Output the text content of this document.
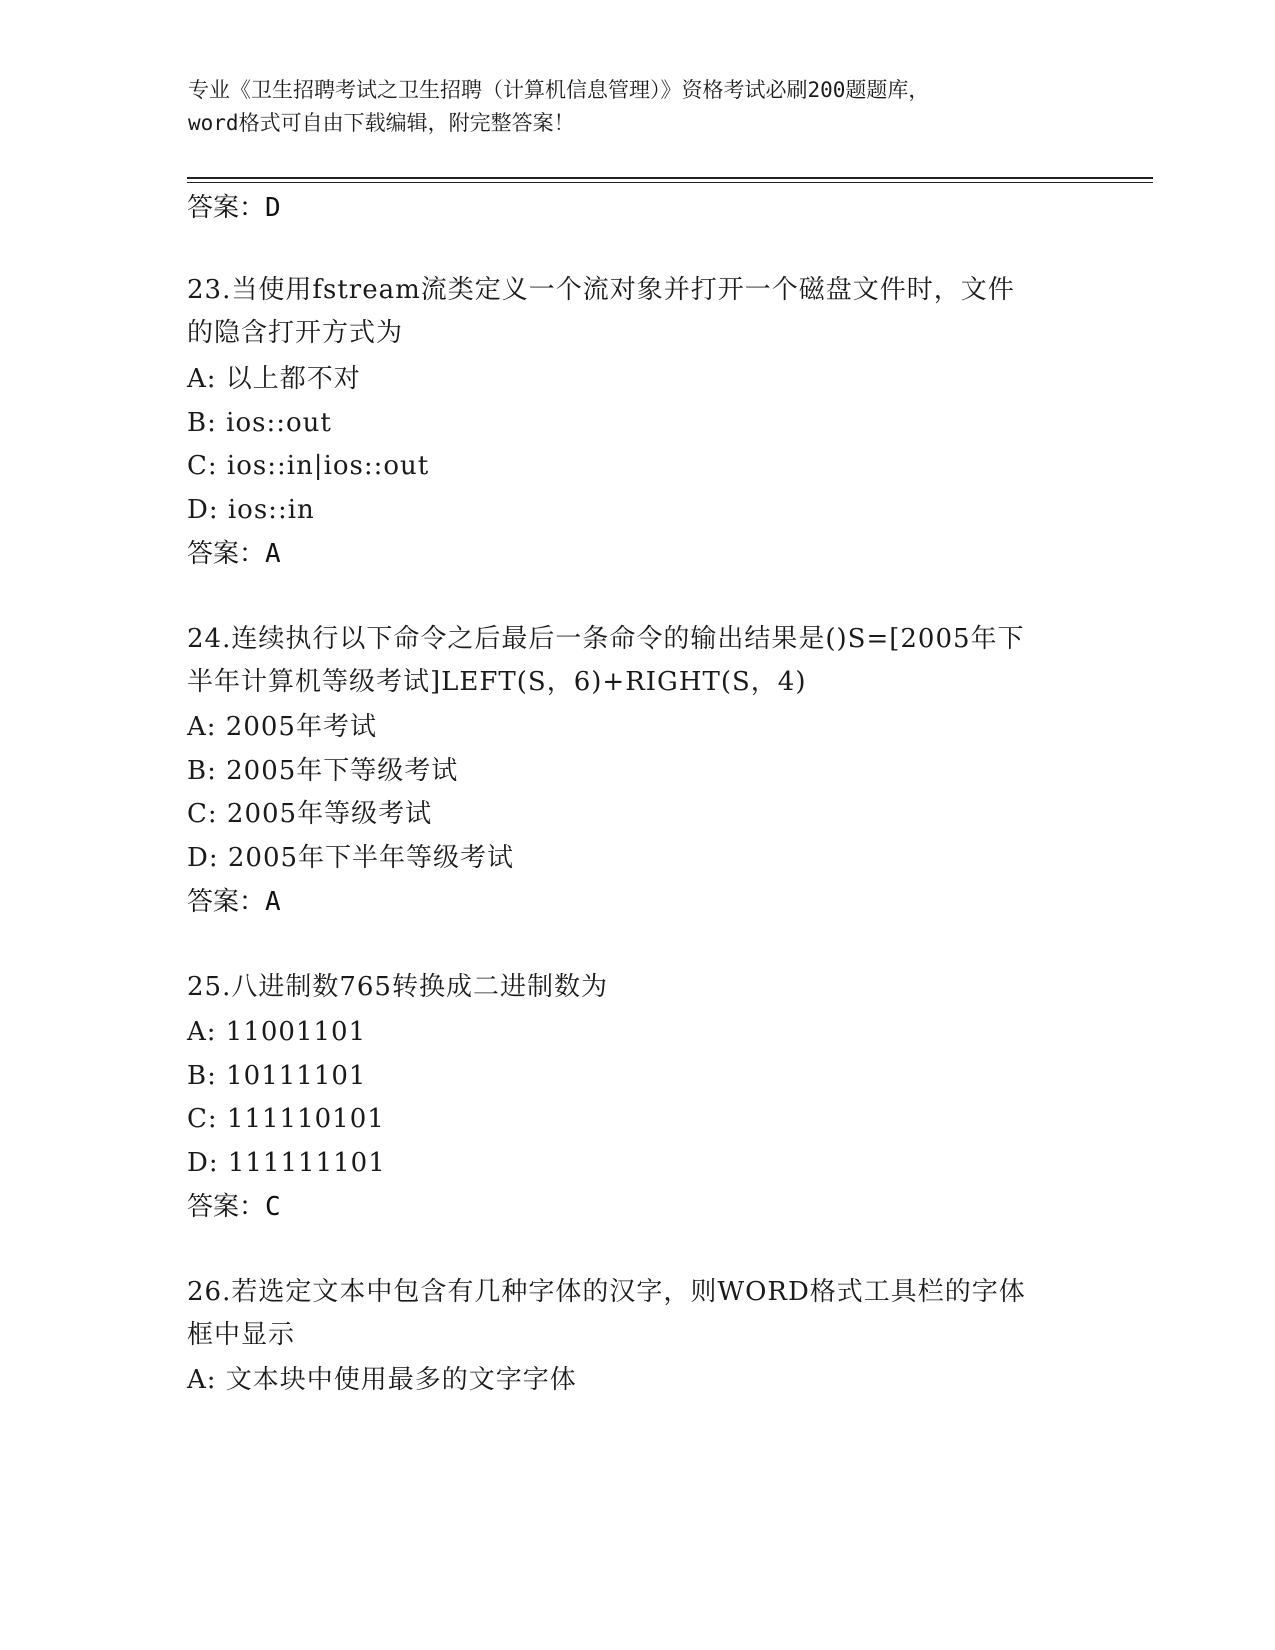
专业《卫生招聘考试之卫生招聘（计算机信息管理）》资格考试必刷200题题库，
word格式可自由下载编辑，附完整答案！
答案：D
23.当使用fstream流类定义一个流对象并打开一个磁盘文件时，文件
的隐含打开方式为
A: 以上都不对
B: ios::out
C: ios::in|ios::out
D: ios::in
答案：A
24.连续执行以下命令之后最后一条命令的输出结果是()S=[2005年下
半年计算机等级考试]LEFT(S，6)+RIGHT(S，4)
A: 2005年考试
B: 2005年下等级考试
C: 2005年等级考试
D: 2005年下半年等级考试
答案：A
25.八进制数765转换成二进制数为
A: 11001101
B: 10111101
C: 111110101
D: 111111101
答案：C
26.若选定文本中包含有几种字体的汉字，则WORD格式工具栏的字体
框中显示
A: 文本块中使用最多的文字字体
